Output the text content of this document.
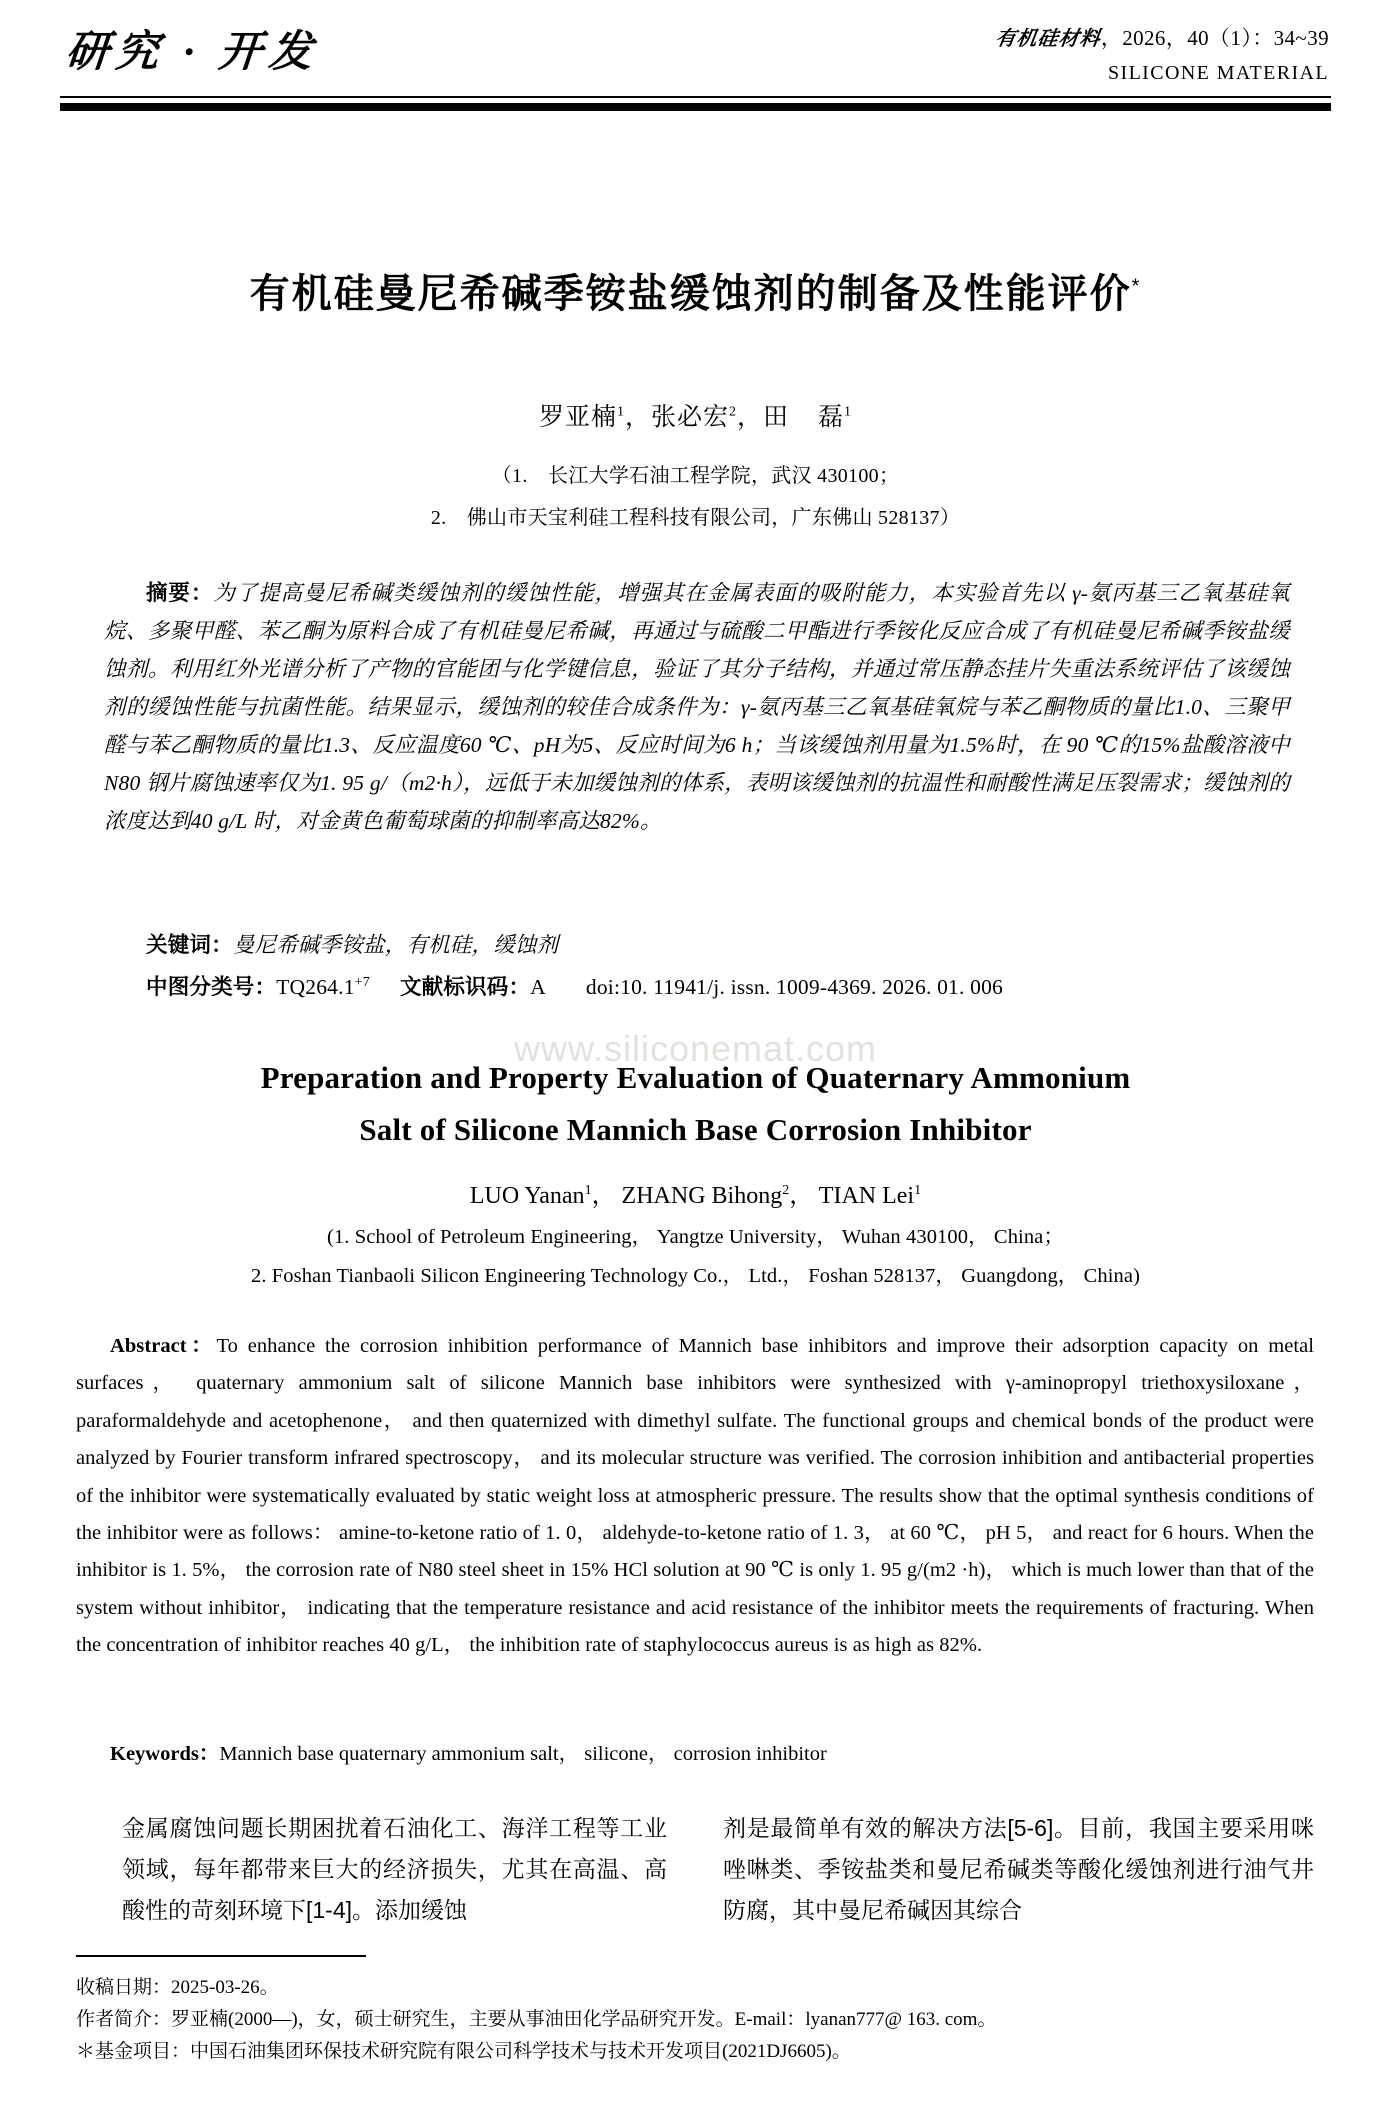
研究 · 开发	有机硅材料，2026，40（1）：34~39
SILICONE MATERIAL
有机硅曼尼希碱季铵盐缓蚀剂的制备及性能评价*
罗亚楠$^1$，张必宏$^2$，田    磊$^1$
（1.　长江大学石油工程学院，武汉 430100；
2.　佛山市天宝利硅工程科技有限公司，广东佛山 528137）
摘要：为了提高曼尼希碱类缓蚀剂的缓蚀性能，增强其在金属表面的吸附能力，本实验首先以 γ-氨丙基三乙氧基硅氧烷、多聚甲醛、苯乙酮为原料合成了有机硅曼尼希碱，再通过与硫酸二甲酯进行季铵化反应合成了有机硅曼尼希碱季铵盐缓蚀剂。利用红外光谱分析了产物的官能团与化学键信息，验证了其分子结构，并通过常压静态挂片失重法系统评估了该缓蚀剂的缓蚀性能与抗菌性能。结果显示，缓蚀剂的较佳合成条件为：γ-氨丙基三乙氧基硅氧烷与苯乙酮物质的量比1.0、三聚甲醛与苯乙酮物质的量比1.3、反应温度60 ℃、pH为5、反应时间为6 h；当该缓蚀剂用量为1.5%时，在 90 ℃的15%盐酸溶液中N80 钢片腐蚀速率仅为1. 95 g/（m2·h），远低于未加缓蚀剂的体系，表明该缓蚀剂的抗温性和耐酸性满足压裂需求；缓蚀剂的浓度达到40 g/L 时，对金黄色葡萄球菌的抑制率高达82%。
关键词：曼尼希碱季铵盐，有机硅，缓蚀剂
中图分类号：$TQ264.1^{+7}$ 文献标识码：A doi:10. 11941/j. issn. 1009-4369. 2026. 01. 006
www.siliconemat.com
Preparation and Property Evaluation of Quaternary Ammonium
Salt of Silicone Mannich Base Corrosion Inhibitor
LUO Yanan$^1$， ZHANG Bihong$^2$， TIAN Lei$^1$
(1. School of Petroleum Engineering， Yangtze University， Wuhan 430100， China；
2. Foshan Tianbaoli Silicon Engineering Technology Co.， Ltd.， Foshan 528137， Guangdong， China)
Abstract：To enhance the corrosion inhibition performance of Mannich base inhibitors and improve their adsorption capacity on metal surfaces， quaternary ammonium salt of silicone Mannich base inhibitors were synthesized with γ-aminopropyl triethoxysiloxane， paraformaldehyde and acetophenone， and then quaternized with dimethyl sulfate. The functional groups and chemical bonds of the product were analyzed by Fourier transform infrared spectroscopy， and its molecular structure was verified. The corrosion inhibition and antibacterial properties of the inhibitor were systematically evaluated by static weight loss at atmospheric pressure. The results show that the optimal synthesis conditions of the inhibitor were as follows： amine-to-ketone ratio of 1. 0， aldehyde-to-ketone ratio of 1. 3， at 60 ℃， pH 5， and react for 6 hours. When the inhibitor is 1. 5%， the corrosion rate of N80 steel sheet in 15% HCl solution at 90 ℃ is only 1. 95 g/(m2 ·h)， which is much lower than that of the system without inhibitor， indicating that the temperature resistance and acid resistance of the inhibitor meets the requirements of fracturing. When the concentration of inhibitor reaches 40 g/L， the inhibition rate of staphylococcus aureus is as high as 82%.
Keywords：Mannich base quaternary ammonium salt， silicone， corrosion inhibitor

金属腐蚀问题长期困扰着石油化工、海洋工程等工业领域，每年都带来巨大的经济损失，尤其在高温、高酸性的苛刻环境下[1-4]。添加缓蚀

剂是最简单有效的解决方法[5-6]。目前，我国主要采用咪唑啉类、季铵盐类和曼尼希碱类等酸化缓蚀剂进行油气井防腐，其中曼尼希碱因其综合

收稿日期：2025-03-26。
作者简介：罗亚楠(2000—)，女，硕士研究生，主要从事油田化学品研究开发。E-mail：lyanan777@ 163. com。
＊基金项目：中国石油集团环保技术研究院有限公司科学技术与技术开发项目(2021DJ6605)。
